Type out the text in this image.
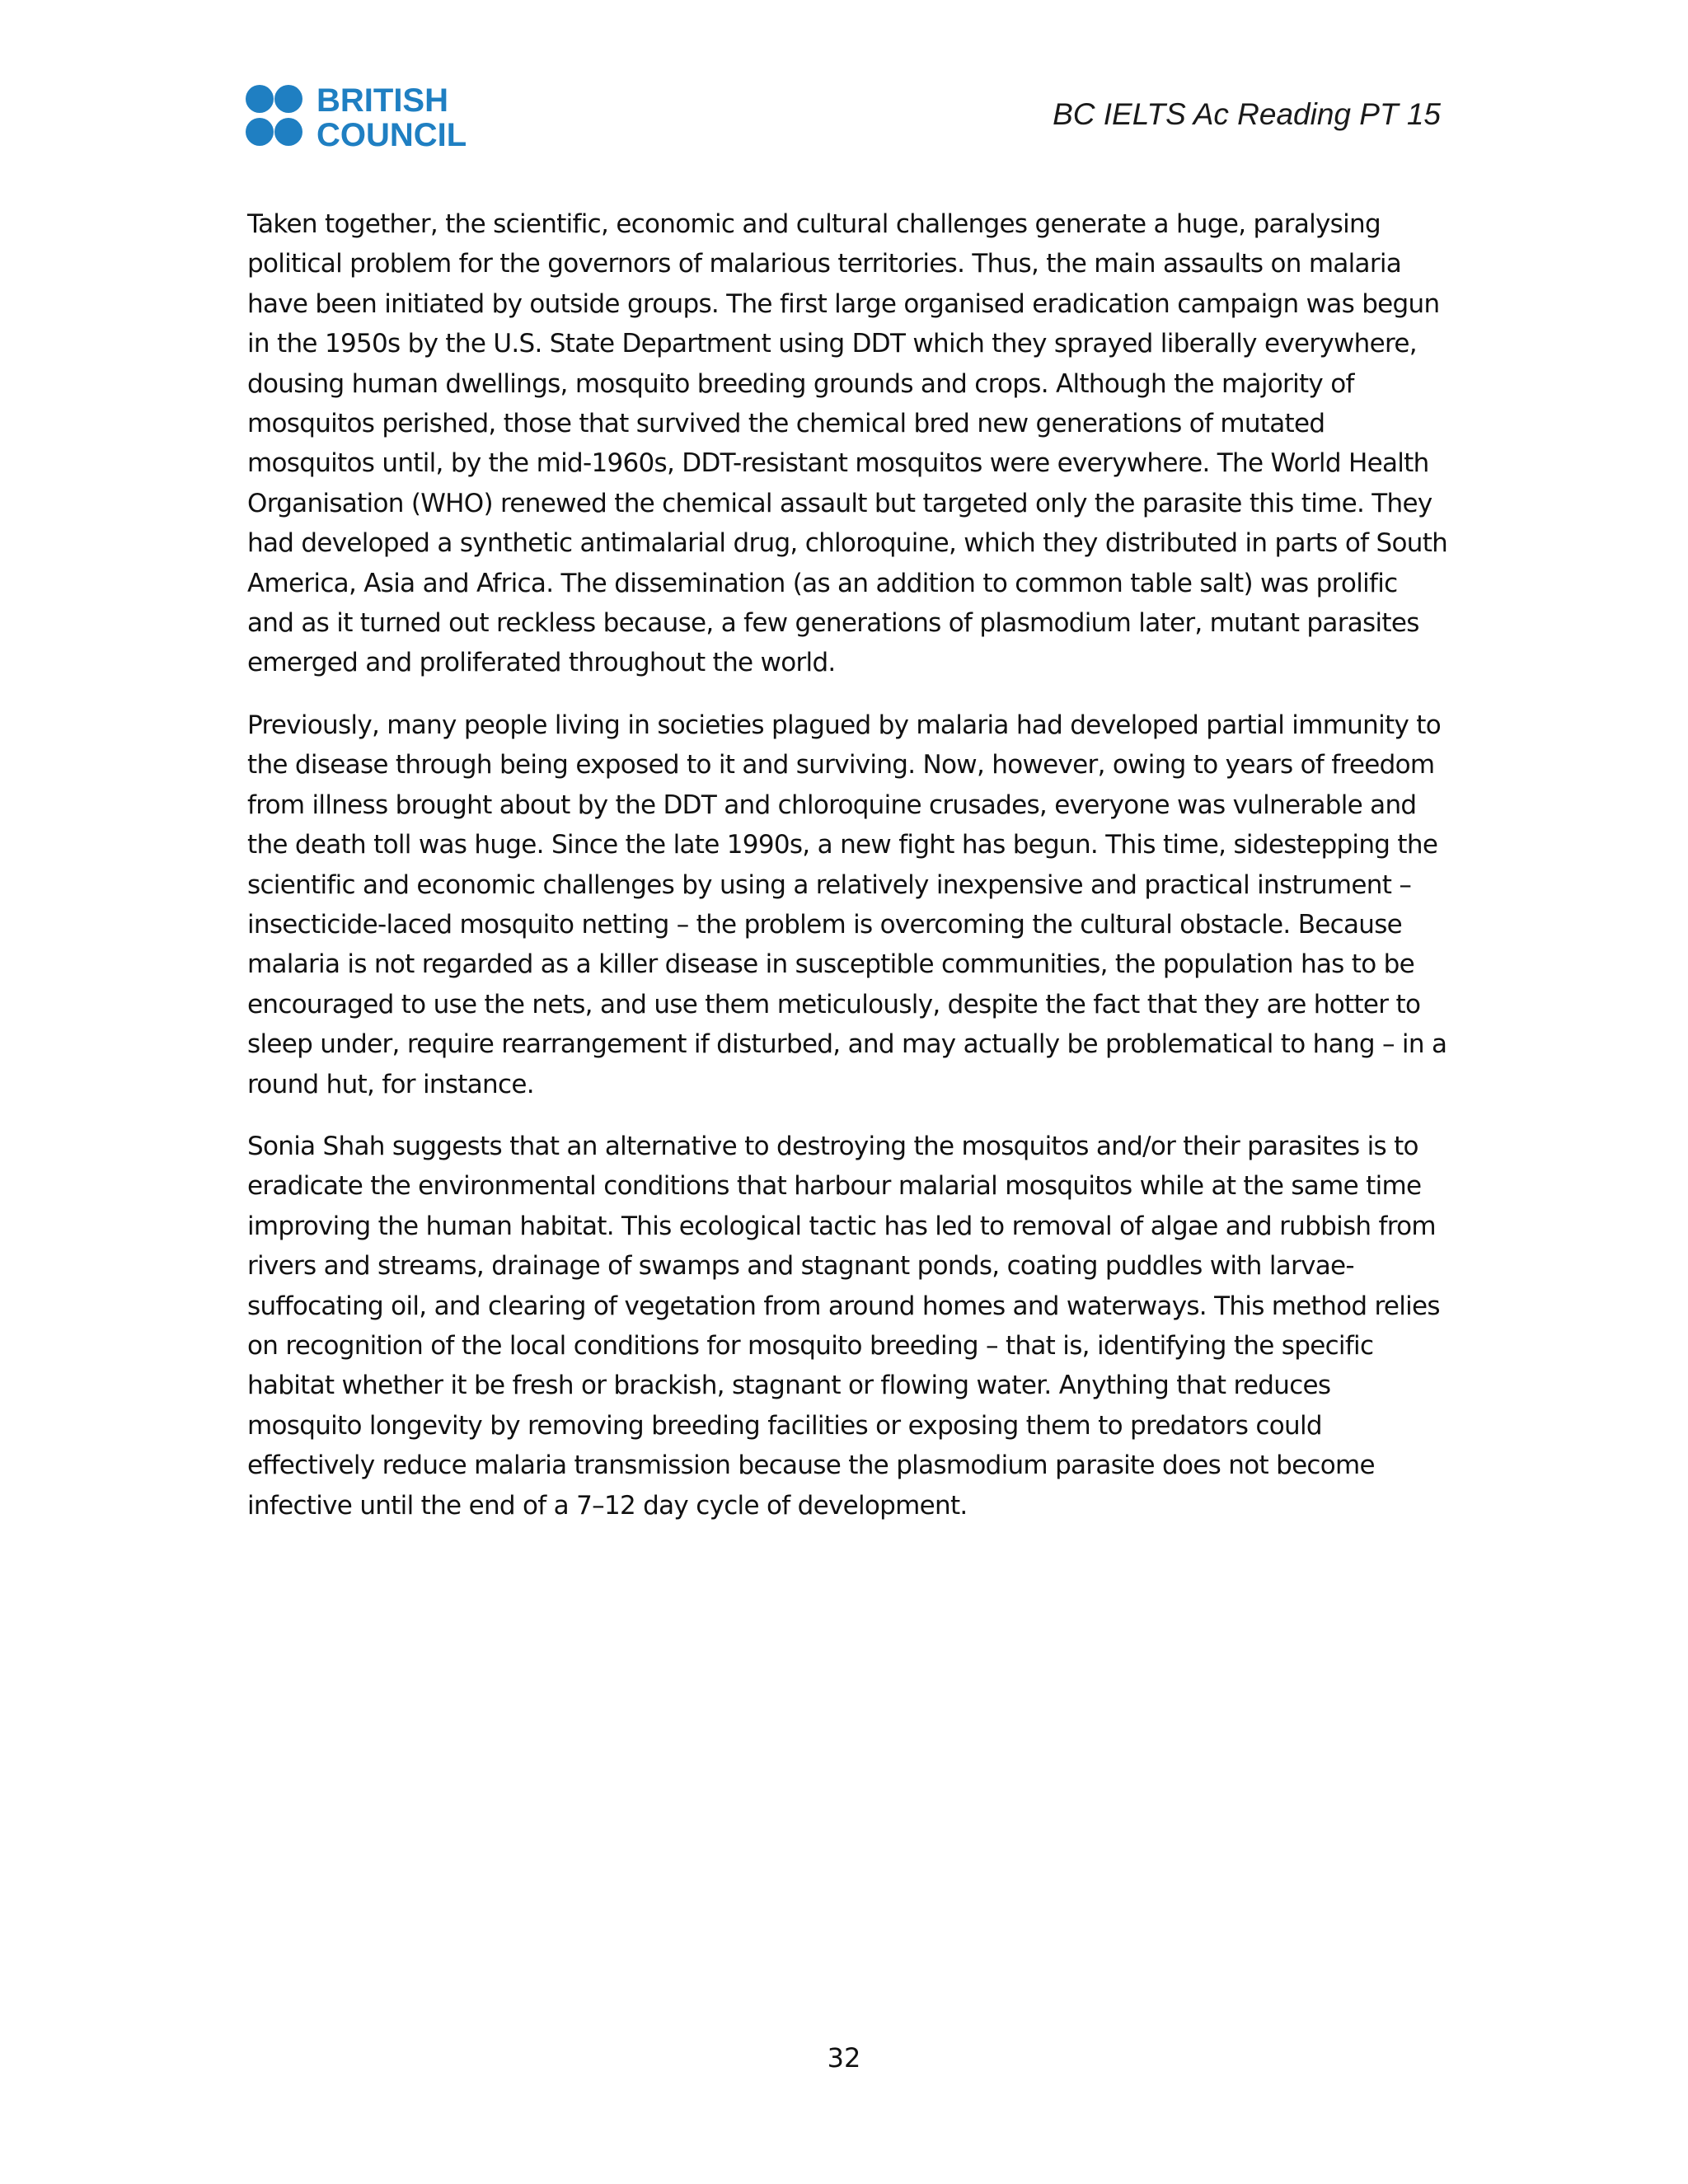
BRITISH
COUNCIL
BC IELTS Ac Reading PT 15

Taken together, the scientific, economic and cultural challenges generate a huge, paralysing political problem for the governors of malarious territories. Thus, the main assaults on malaria have been initiated by outside groups. The first large organised eradication campaign was begun in the 1950s by the U.S. State Department using DDT which they sprayed liberally everywhere, dousing human dwellings, mosquito breeding grounds and crops. Although the majority of mosquitos perished, those that survived the chemical bred new generations of mutated mosquitos until, by the mid-1960s, DDT-resistant mosquitos were everywhere. The World Health Organisation (WHO) renewed the chemical assault but targeted only the parasite this time. They had developed a synthetic antimalarial drug, chloroquine, which they distributed in parts of South America, Asia and Africa. The dissemination (as an addition to common table salt) was prolific and as it turned out reckless because, a few generations of plasmodium later, mutant parasites emerged and proliferated throughout the world.

Previously, many people living in societies plagued by malaria had developed partial immunity to the disease through being exposed to it and surviving. Now, however, owing to years of freedom from illness brought about by the DDT and chloroquine crusades, everyone was vulnerable and the death toll was huge. Since the late 1990s, a new fight has begun. This time, sidestepping the scientific and economic challenges by using a relatively inexpensive and practical instrument – insecticide-laced mosquito netting – the problem is overcoming the cultural obstacle. Because malaria is not regarded as a killer disease in susceptible communities, the population has to be encouraged to use the nets, and use them meticulously, despite the fact that they are hotter to sleep under, require rearrangement if disturbed, and may actually be problematical to hang – in a round hut, for instance.

Sonia Shah suggests that an alternative to destroying the mosquitos and/or their parasites is to eradicate the environmental conditions that harbour malarial mosquitos while at the same time improving the human habitat. This ecological tactic has led to removal of algae and rubbish from rivers and streams, drainage of swamps and stagnant ponds, coating puddles with larvae-suffocating oil, and clearing of vegetation from around homes and waterways. This method relies on recognition of the local conditions for mosquito breeding – that is, identifying the specific habitat whether it be fresh or brackish, stagnant or flowing water. Anything that reduces mosquito longevity by removing breeding facilities or exposing them to predators could effectively reduce malaria transmission because the plasmodium parasite does not become infective until the end of a 7–12 day cycle of development.

32
